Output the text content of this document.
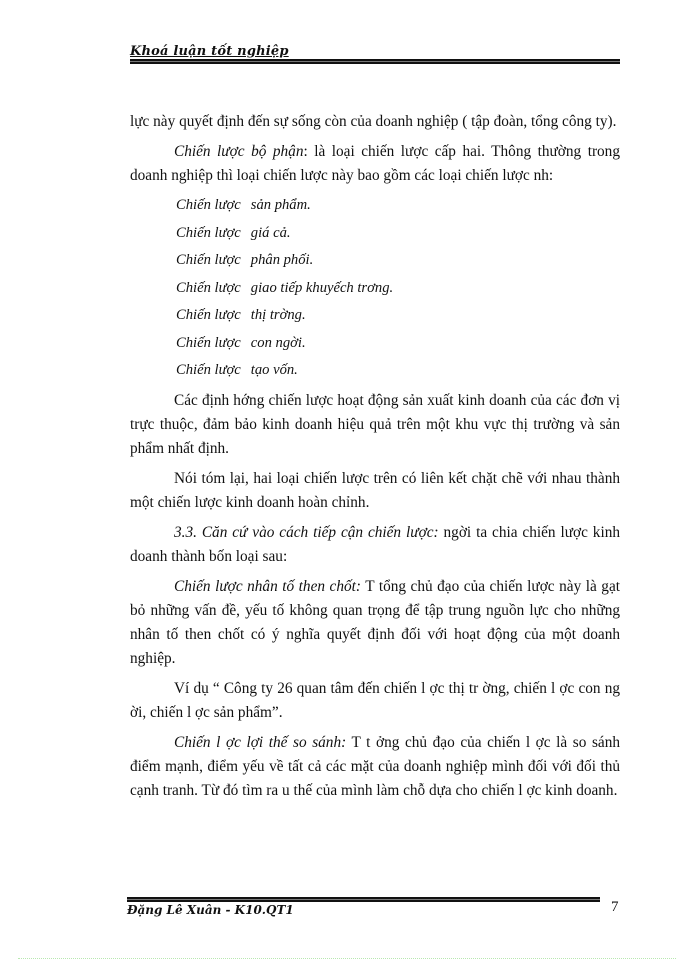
Khoá luận tốt nghiệp

lực này quyết định đến sự sống còn của doanh nghiệp ( tập đoàn, tổng công ty).

Chiến lược bộ phận: là loại chiến lược cấp hai. Thông thường trong doanh nghiệp thì loại chiến lược này bao gồm các loại chiến lược nh:

Chiến lược sản phẩm.
Chiến lược giá cả.
Chiến lược phân phối.
Chiến lược giao tiếp khuyếch trơng.
Chiến lược thị trờng.
Chiến lược con ngời.
Chiến lược tạo vốn.

Các định hớng chiến lược hoạt động sản xuất kinh doanh của các đơn vị trực thuộc, đảm bảo kinh doanh hiệu quả trên một khu vực thị trường và sản phẩm nhất định.

Nói tóm lại, hai loại chiến lược trên có liên kết chặt chẽ với nhau thành một chiến lược kinh doanh hoàn chỉnh.

3.3. Căn cứ vào cách tiếp cận chiến lược: ngời ta chia chiến lược kinh doanh thành bốn loại sau:

Chiến lược nhân tố then chốt: T tổng chủ đạo của chiến lược này là gạt bỏ những vấn đề, yếu tố không quan trọng để tập trung nguồn lực cho những nhân tố then chốt có ý nghĩa quyết định đối với hoạt động của một doanh nghiệp.

Ví dụ “ Công ty 26 quan tâm đến chiến l ợc thị tr ờng, chiến l ợc con ng ời, chiến l ợc sản phẩm”.

Chiến l ợc lợi thế so sánh: T t ởng chủ đạo của chiến l ợc là so sánh điểm mạnh, điểm yếu về tất cả các mặt của doanh nghiệp mình đối với đối thủ cạnh tranh. Từ đó tìm ra u thế của mình làm chỗ dựa cho chiến l ợc kinh doanh.

Đặng Lê Xuân - K10.QT1	7
